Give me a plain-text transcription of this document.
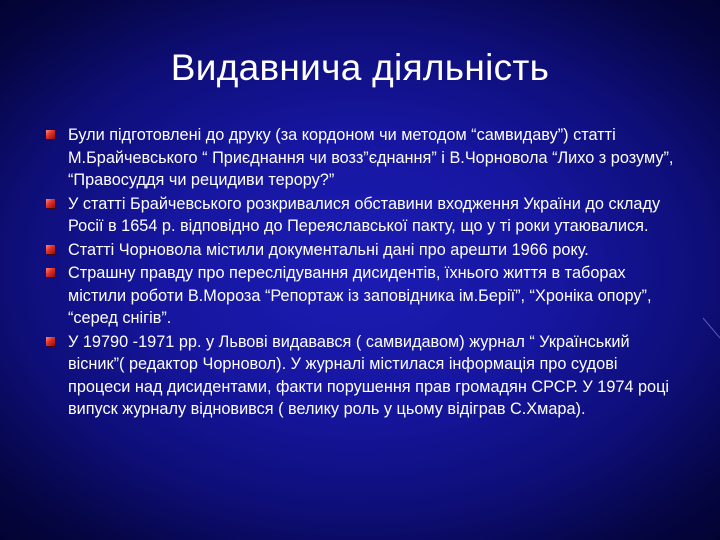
Видавнича діяльність
Були підготовлені до друку (за кордоном чи методом “самвидаву”) статті М.Брайчевського “ Приєднання чи возз”єднання” і В.Чорновола “Лихо з розуму”, “Правосуддя чи рецидиви терору?”
У статті Брайчевського розкривалися обставини входження України до складу Росії в 1654 р. відповідно до Переяславської пакту, що у ті роки утаювалися.
Статті Чорновола містили документальні дані про арешти 1966 року.
Страшну правду про переслідування дисидентів, їхнього життя в таборах містили роботи В.Мороза “Репортаж із заповідника ім.Берії”, “Хроніка опору”, “серед снігів”.
У 19790 -1971 рр. у Львові видавався ( самвидавом) журнал “ Український вісник”( редактор Чорновол). У журналі містилася інформація про судові процеси над дисидентами, факти порушення прав громадян СРСР. У 1974 році випуск журналу відновився ( велику роль у цьому відіграв С.Хмара).
